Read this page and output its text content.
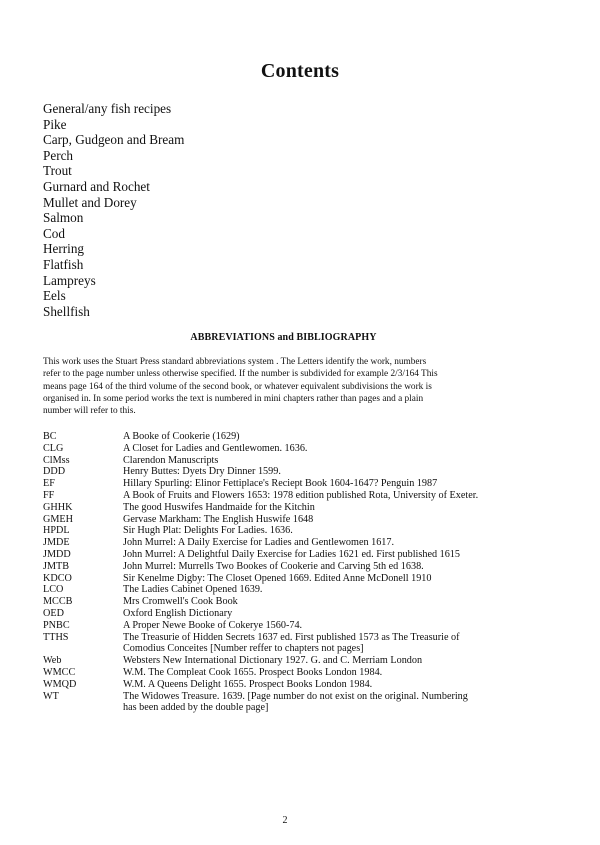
Contents
General/any fish recipes
Pike
Carp, Gudgeon and Bream
Perch
Trout
Gurnard and Rochet
Mullet and Dorey
Salmon
Cod
Herring
Flatfish
Lampreys
Eels
Shellfish
ABBREVIATIONS and BIBLIOGRAPHY
This work uses the Stuart Press standard abbreviations system . The Letters identify the work, numbers
refer to the page number unless otherwise specified. If the number is subdivided for example 2/3/164 This
means page 164 of the third volume of the second book, or whatever equivalent subdivisions the work is
organised in. In some period works the text is numbered in mini chapters rather than pages and a plain
number will refer to this.
BC	A Booke of Cookerie (1629)
CLG	A Closet for Ladies and Gentlewomen. 1636.
ClMss	Clarendon Manuscripts
DDD	Henry Buttes: Dyets Dry Dinner 1599.
EF	Hillary Spurling: Elinor Fettiplace's Reciept Book 1604-1647? Penguin 1987
FF	A Book of Fruits and Flowers 1653: 1978 edition published Rota, University of Exeter.
GHHK	The good Huswifes Handmaide for the Kitchin
GMEH	Gervase Markham: The English Huswife 1648
HPDL	Sir Hugh Plat: Delights For Ladies. 1636.
JMDE	John Murrel: A Daily Exercise for Ladies and Gentlewomen 1617.
JMDD	John Murrel: A Delightful Daily Exercise for Ladies 1621 ed. First published 1615
JMTB	John Murrel: Murrells Two Bookes of Cookerie and Carving 5th ed 1638.
KDCO	Sir Kenelme Digby: The Closet Opened 1669. Edited Anne McDonell 1910
LCO	The Ladies Cabinet Opened 1639.
MCCB	Mrs Cromwell's Cook Book
OED	Oxford English Dictionary
PNBC	A Proper Newe Booke of Cokerye 1560-74.
TTHS	The Treasurie of Hidden Secrets 1637 ed. First published 1573 as The Treasurie of
Comodius Conceites [Number reffer to chapters not pages]
Web	Websters New International Dictionary 1927. G. and C. Merriam London
WMCC	W.M. The Compleat Cook 1655. Prospect Books London 1984.
WMQD	W.M. A Queens Delight 1655. Prospect Books London 1984.
WT	The Widowes Treasure. 1639. [Page number do not exist on the original. Numbering
has been added by the double page]
2
